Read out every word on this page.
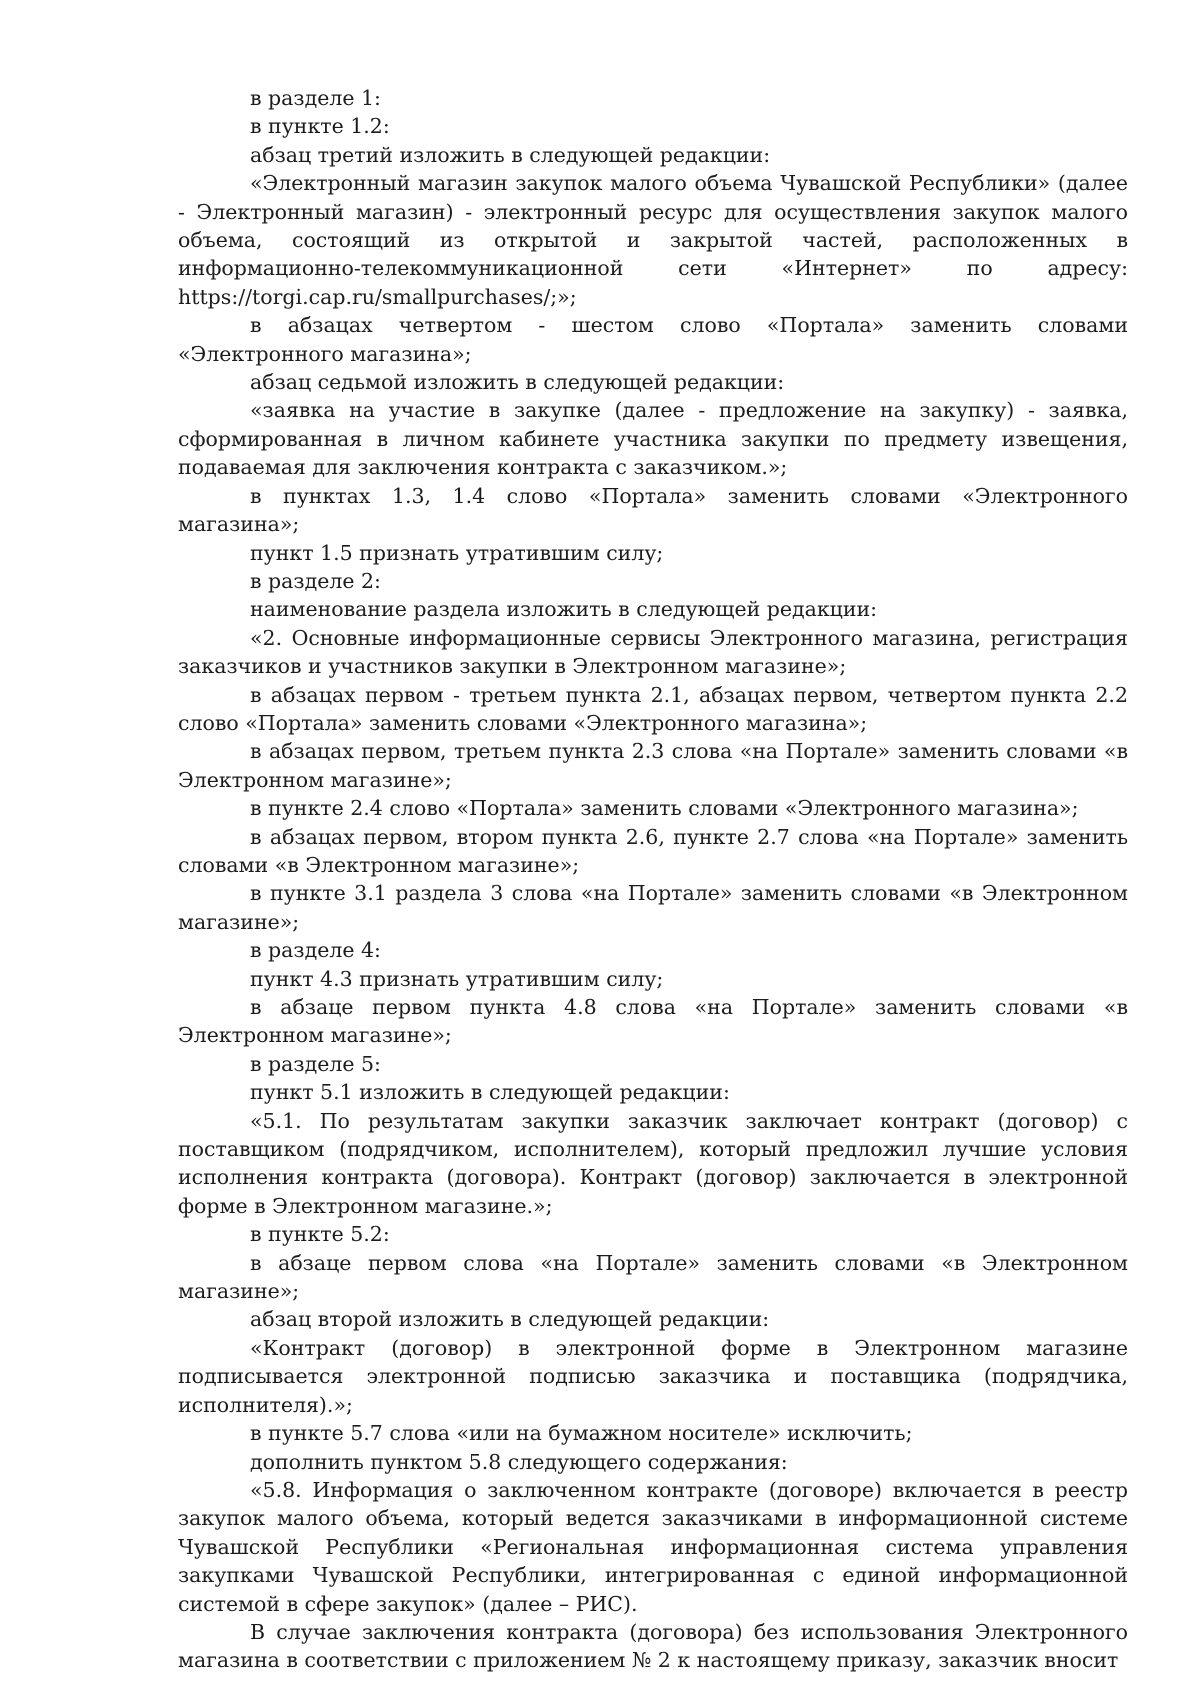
в разделе 1:

в пункте 1.2:

абзац третий изложить в следующей редакции:

«Электронный магазин закупок малого объема Чувашской Республики» (далее - Электронный магазин) - электронный ресурс для осуществления закупок малого объема, состоящий из открытой и закрытой частей, расположенных в информационно-телекоммуникационной сети «Интернет» по адресу: https://torgi.cap.ru/smallpurchases/;»;

в абзацах четвертом - шестом слово «Портала» заменить словами «Электронного магазина»;

абзац седьмой изложить в следующей редакции:

«заявка на участие в закупке (далее - предложение на закупку) - заявка, сформированная в личном кабинете участника закупки по предмету извещения, подаваемая для заключения контракта с заказчиком.»;

в пунктах 1.3, 1.4 слово «Портала» заменить словами «Электронного магазина»;

пункт 1.5 признать утратившим силу;

в разделе 2:

наименование раздела изложить в следующей редакции:

«2. Основные информационные сервисы Электронного магазина, регистрация заказчиков и участников закупки в Электронном магазине»;

в абзацах первом - третьем пункта 2.1, абзацах первом, четвертом пункта 2.2 слово «Портала» заменить словами «Электронного магазина»;

в абзацах первом, третьем пункта 2.3 слова «на Портале» заменить словами «в Электронном магазине»;

в пункте 2.4 слово «Портала» заменить словами «Электронного магазина»;

в абзацах первом, втором пункта 2.6, пункте 2.7 слова «на Портале» заменить словами «в Электронном магазине»;

в пункте 3.1 раздела 3 слова «на Портале» заменить словами «в Электронном магазине»;

в разделе 4:

пункт 4.3 признать утратившим силу;

в абзаце первом пункта 4.8 слова «на Портале» заменить словами «в Электронном магазине»;

в разделе 5:

пункт 5.1 изложить в следующей редакции:

«5.1. По результатам закупки заказчик заключает контракт (договор) с поставщиком (подрядчиком, исполнителем), который предложил лучшие условия исполнения контракта (договора). Контракт (договор) заключается в электронной форме в Электронном магазине.»;

в пункте 5.2:

в абзаце первом слова «на Портале» заменить словами «в Электронном магазине»;

абзац второй изложить в следующей редакции:

«Контракт (договор) в электронной форме в Электронном магазине подписывается электронной подписью заказчика и поставщика (подрядчика, исполнителя).»;

в пункте 5.7 слова «или на бумажном носителе» исключить;

дополнить пунктом 5.8 следующего содержания:

«5.8. Информация о заключенном контракте (договоре) включается в реестр закупок малого объема, который ведется заказчиками в информационной системе Чувашской Республики «Региональная информационная система управления закупками Чувашской Республики, интегрированная с единой информационной системой в сфере закупок» (далее – РИС).

В случае заключения контракта (договора) без использования Электронного магазина в соответствии с приложением № 2 к настоящему приказу, заказчик вносит
